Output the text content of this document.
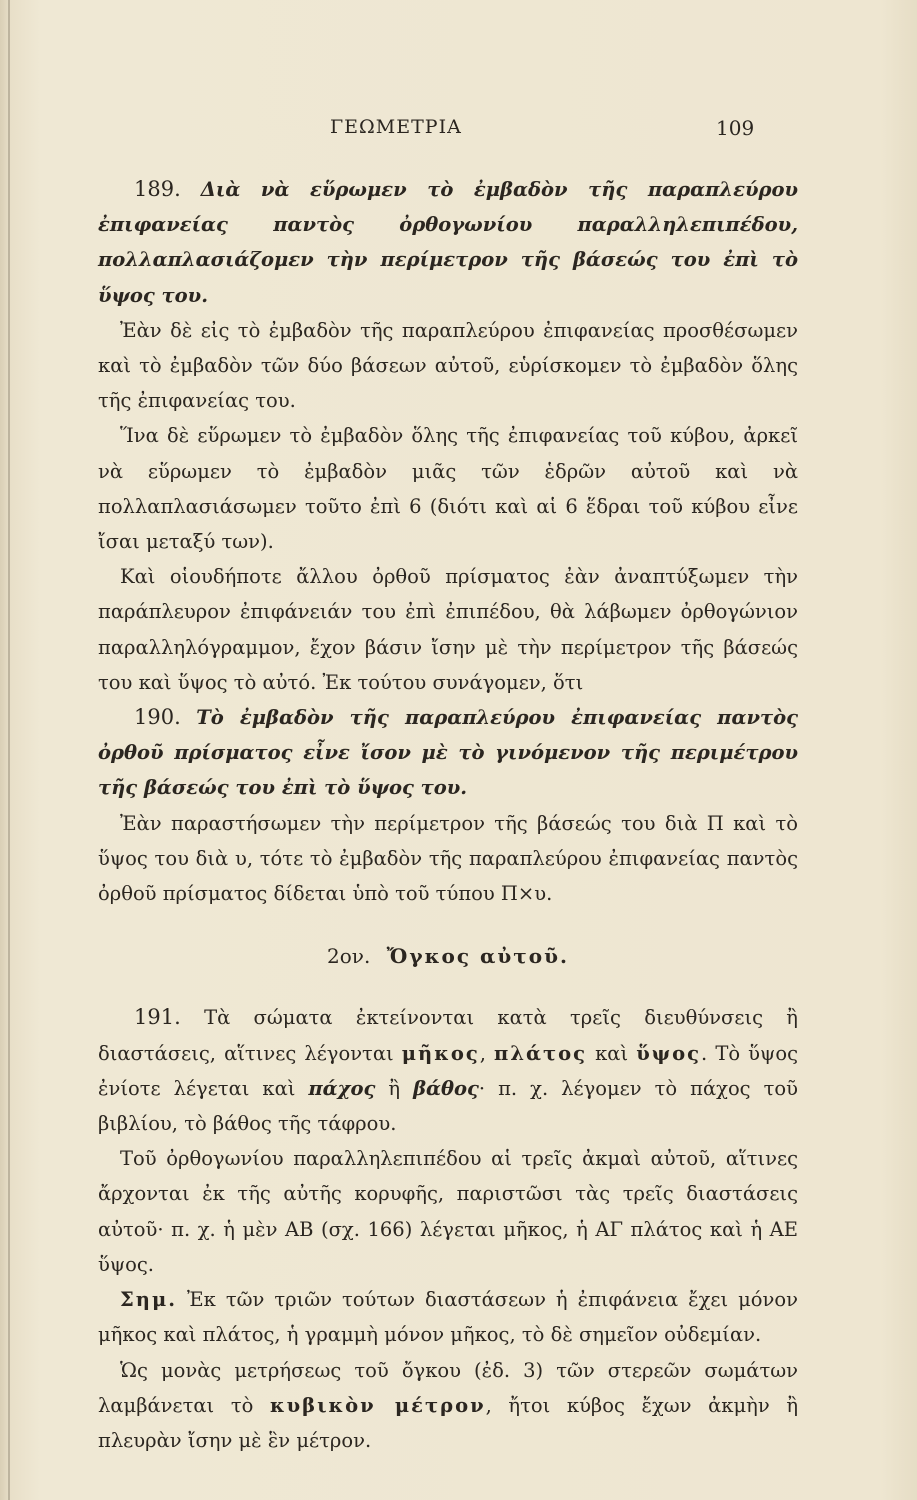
ΓΕΩΜΕΤΡΙΑ	109

189. Διὰ νὰ εὕρωμεν τὸ ἐμβαδὸν τῆς παραπλεύρου ἐπιφανείας παντὸς ὀρθογωνίου παραλληλεπιπέδου, πολλαπλασιάζομεν τὴν περίμετρον τῆς βάσεώς του ἐπὶ τὸ ὕψος του.

Ἐὰν δὲ εἰς τὸ ἐμβαδὸν τῆς παραπλεύρου ἐπιφανείας προσθέσωμεν καὶ τὸ ἐμβαδὸν τῶν δύο βάσεων αὐτοῦ, εὑρίσκομεν τὸ ἐμβαδὸν ὅλης τῆς ἐπιφανείας του.

Ἵνα δὲ εὕρωμεν τὸ ἐμβαδὸν ὅλης τῆς ἐπιφανείας τοῦ κύβου, ἀρκεῖ νὰ εὕρωμεν τὸ ἐμβαδὸν μιᾶς τῶν ἑδρῶν αὐτοῦ καὶ νὰ πολλαπλασιάσωμεν τοῦτο ἐπὶ 6 (διότι καὶ αἱ 6 ἕδραι τοῦ κύβου εἶνε ἴσαι μεταξύ των).

Καὶ οἱουδήποτε ἄλλου ὀρθοῦ πρίσματος ἐὰν ἀναπτύξωμεν τὴν παράπλευρον ἐπιφάνειάν του ἐπὶ ἐπιπέδου, θὰ λάβωμεν ὀρθογώνιον παραλληλόγραμμον, ἔχον βάσιν ἴσην μὲ τὴν περίμετρον τῆς βάσεώς του καὶ ὕψος τὸ αὐτό. Ἐκ τούτου συνάγομεν, ὅτι

190. Τὸ ἐμβαδὸν τῆς παραπλεύρου ἐπιφανείας παντὸς ὀρθοῦ πρίσματος εἶνε ἴσον μὲ τὸ γινόμενον τῆς περιμέτρου τῆς βάσεώς του ἐπὶ τὸ ὕψος του.

Ἐὰν παραστήσωμεν τὴν περίμετρον τῆς βάσεώς του διὰ Π καὶ τὸ ὕψος του διὰ υ, τότε τὸ ἐμβαδὸν τῆς παραπλεύρου ἐπιφανείας παντὸς ὀρθοῦ πρίσματος δίδεται ὑπὸ τοῦ τύπου Π×υ.

2ον. Ὄγκος αὐτοῦ.

191. Τὰ σώματα ἐκτείνονται κατὰ τρεῖς διευθύνσεις ἢ διαστάσεις, αἵτινες λέγονται μῆκος, πλάτος καὶ ὕψος. Τὸ ὕψος ἐνίοτε λέγεται καὶ πάχος ἢ βάθος· π. χ. λέγομεν τὸ πάχος τοῦ βιβλίου, τὸ βάθος τῆς τάφρου.

Τοῦ ὀρθογωνίου παραλληλεπιπέδου αἱ τρεῖς ἀκμαὶ αὐτοῦ, αἵτινες ἄρχονται ἐκ τῆς αὐτῆς κορυφῆς, παριστῶσι τὰς τρεῖς διαστάσεις αὐτοῦ· π. χ. ἡ μὲν ΑΒ (σχ. 166) λέγεται μῆκος, ἡ ΑΓ πλάτος καὶ ἡ ΑΕ ὕψος.

Σημ. Ἐκ τῶν τριῶν τούτων διαστάσεων ἡ ἐπιφάνεια ἔχει μόνον μῆκος καὶ πλάτος, ἡ γραμμὴ μόνον μῆκος, τὸ δὲ σημεῖον οὐδεμίαν.

Ὡς μονὰς μετρήσεως τοῦ ὄγκου (ἐδ. 3) τῶν στερεῶν σωμάτων λαμβάνεται τὸ κυβικὸν μέτρον, ἤτοι κύβος ἔχων ἀκμὴν ἢ πλευρὰν ἴσην μὲ ἓν μέτρον.
